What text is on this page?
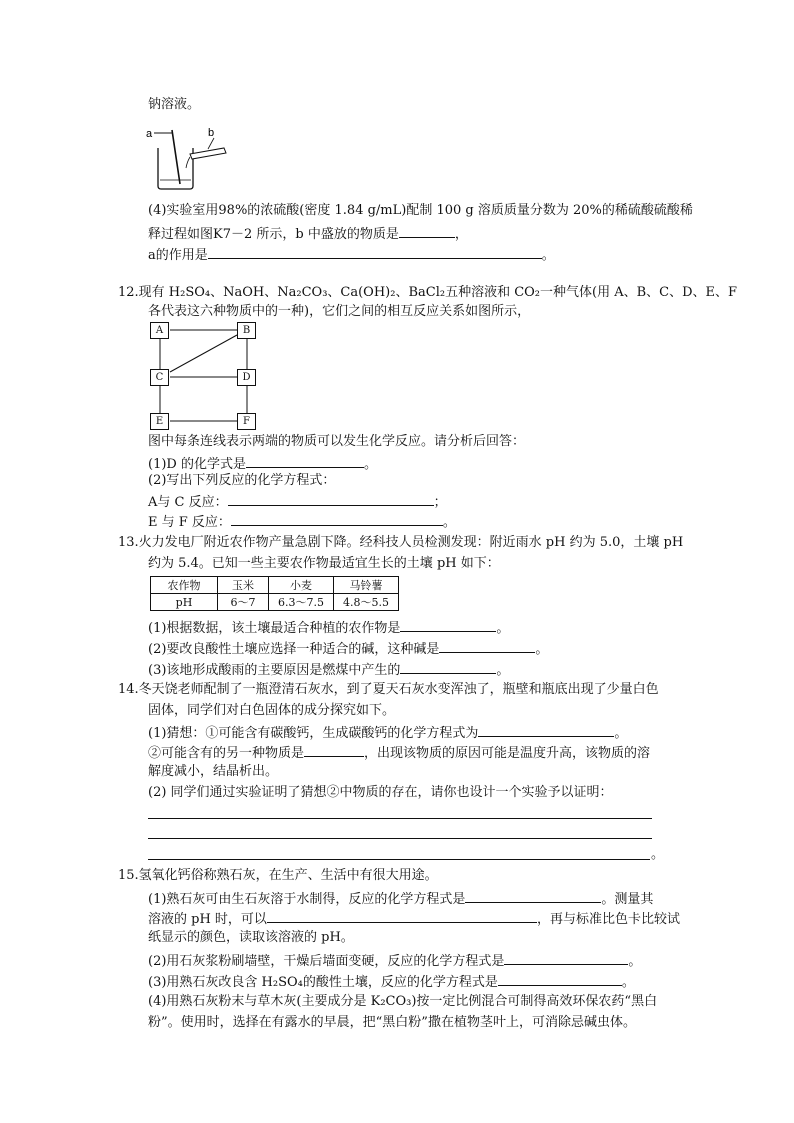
钠溶液。
a	b
(4)实验室用98%的浓硫酸(密度 1.84 g/mL)配制 100 g 溶质质量分数为 20%的稀硫酸硫酸稀
释过程如图K7－2 所示，b 中盛放的物质是	，
a的作用是	。
12.现有 H₂SO₄、NaOH、Na₂CO₃、Ca(OH)₂、BaCl₂五种溶液和 CO₂一种气体(用 A、B、C、D、E、F
各代表这六种物质中的一种)，它们之间的相互反应关系如图所示，
A	B
C	D
E	F
图中每条连线表示两端的物质可以发生化学反应。请分析后回答：
(1)D 的化学式是	。
(2)写出下列反应的化学方程式：
A与 C 反应：	；
E 与 F 反应：	。
13.火力发电厂附近农作物产量急剧下降。经科技人员检测发现：附近雨水 pH 约为 5.0，土壤 pH
约为 5.4。已知一些主要农作物最适宜生长的土壤 pH 如下：
农作物	玉米	小麦	马铃薯
pH	6～7	6.3～7.5	4.8～5.5
(1)根据数据，该土壤最适合种植的农作物是	。
(2)要改良酸性土壤应选择一种适合的碱，这种碱是	。
(3)该地形成酸雨的主要原因是燃煤中产生的	。
14.冬天饶老师配制了一瓶澄清石灰水，到了夏天石灰水变浑浊了，瓶壁和瓶底出现了少量白色
固体，同学们对白色固体的成分探究如下。
(1)猜想：①可能含有碳酸钙，生成碳酸钙的化学方程式为	。
②可能含有的另一种物质是	，出现该物质的原因可能是温度升高，该物质的溶
解度减小，结晶析出。
(2) 同学们通过实验证明了猜想②中物质的存在，请你也设计一个实验予以证明：
。
15.氢氧化钙俗称熟石灰，在生产、生活中有很大用途。
(1)熟石灰可由生石灰溶于水制得，反应的化学方程式是	。测量其
溶液的 pH 时，可以	，再与标准比色卡比较试
纸显示的颜色，读取该溶液的 pH。
(2)用石灰浆粉刷墙壁，干燥后墙面变硬，反应的化学方程式是	。
(3)用熟石灰改良含 H₂SO₄的酸性土壤，反应的化学方程式是	。
(4)用熟石灰粉末与草木灰(主要成分是 K₂CO₃)按一定比例混合可制得高效环保农药“黑白
粉”。使用时，选择在有露水的早晨，把“黑白粉”撒在植物茎叶上，可消除忌碱虫体。
